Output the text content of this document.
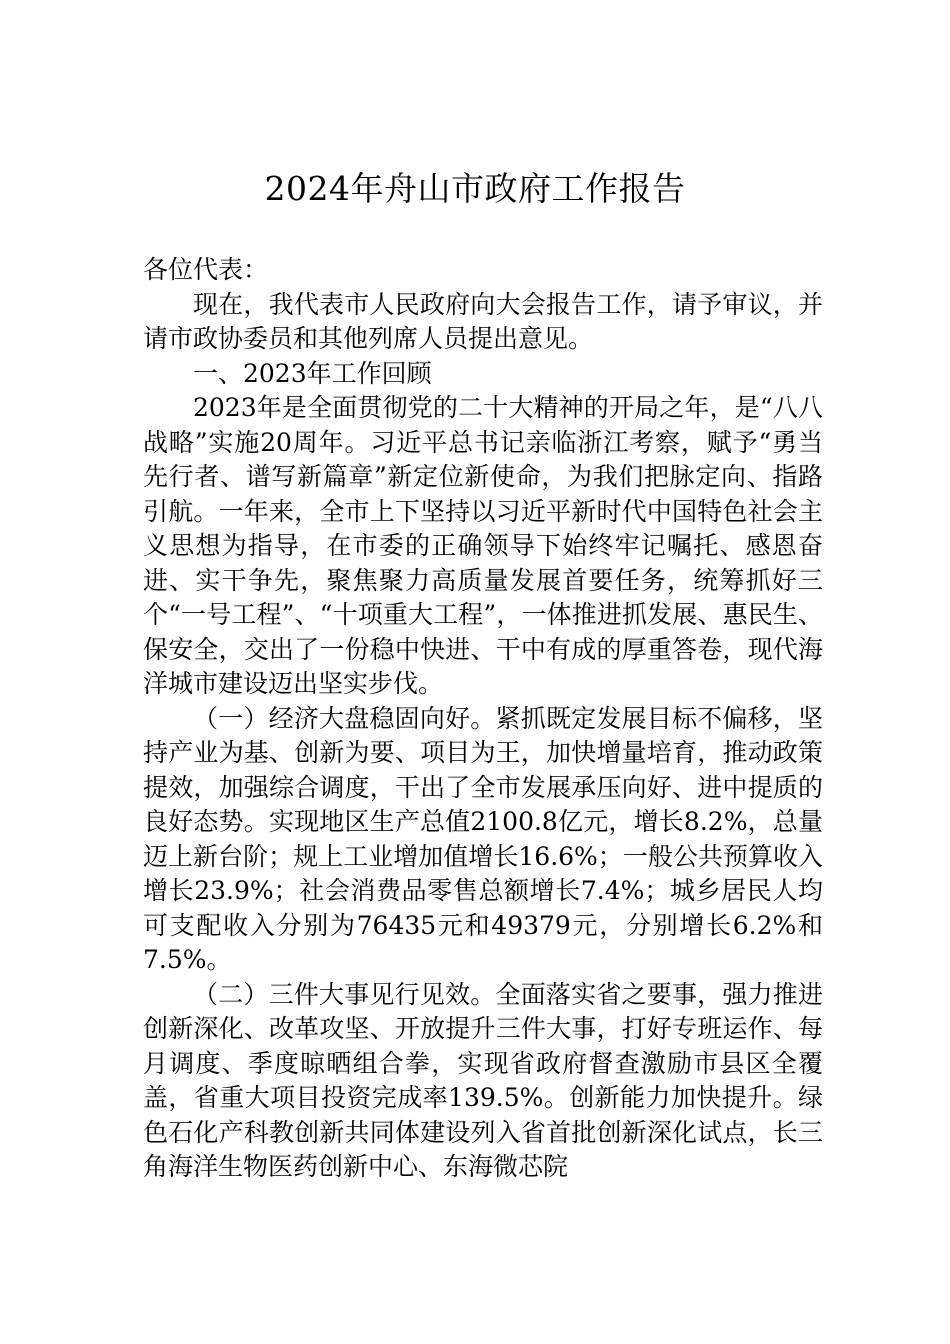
2024年舟山市政府工作报告

各位代表：

现在，我代表市人民政府向大会报告工作，请予审议，并请市政协委员和其他列席人员提出意见。

一、2023年工作回顾

2023年是全面贯彻党的二十大精神的开局之年，是“八八战略”实施20周年。习近平总书记亲临浙江考察，赋予“勇当先行者、谱写新篇章”新定位新使命，为我们把脉定向、指路引航。一年来，全市上下坚持以习近平新时代中国特色社会主义思想为指导，在市委的正确领导下始终牢记嘱托、感恩奋进、实干争先，聚焦聚力高质量发展首要任务，统筹抓好三个“一号工程”、“十项重大工程”，一体推进抓发展、惠民生、保安全，交出了一份稳中快进、干中有成的厚重答卷，现代海洋城市建设迈出坚实步伐。

（一）经济大盘稳固向好。紧抓既定发展目标不偏移，坚持产业为基、创新为要、项目为王，加快增量培育，推动政策提效，加强综合调度，干出了全市发展承压向好、进中提质的良好态势。实现地区生产总值2100.8亿元，增长8.2%，总量迈上新台阶；规上工业增加值增长16.6%；一般公共预算收入增长23.9%；社会消费品零售总额增长7.4%；城乡居民人均可支配收入分别为76435元和49379元，分别增长6.2%和7.5%。

（二）三件大事见行见效。全面落实省之要事，强力推进创新深化、改革攻坚、开放提升三件大事，打好专班运作、每月调度、季度晾晒组合拳，实现省政府督查激励市县区全覆盖，省重大项目投资完成率139.5%。创新能力加快提升。绿色石化产科教创新共同体建设列入省首批创新深化试点，长三角海洋生物医药创新中心、东海微芯院
